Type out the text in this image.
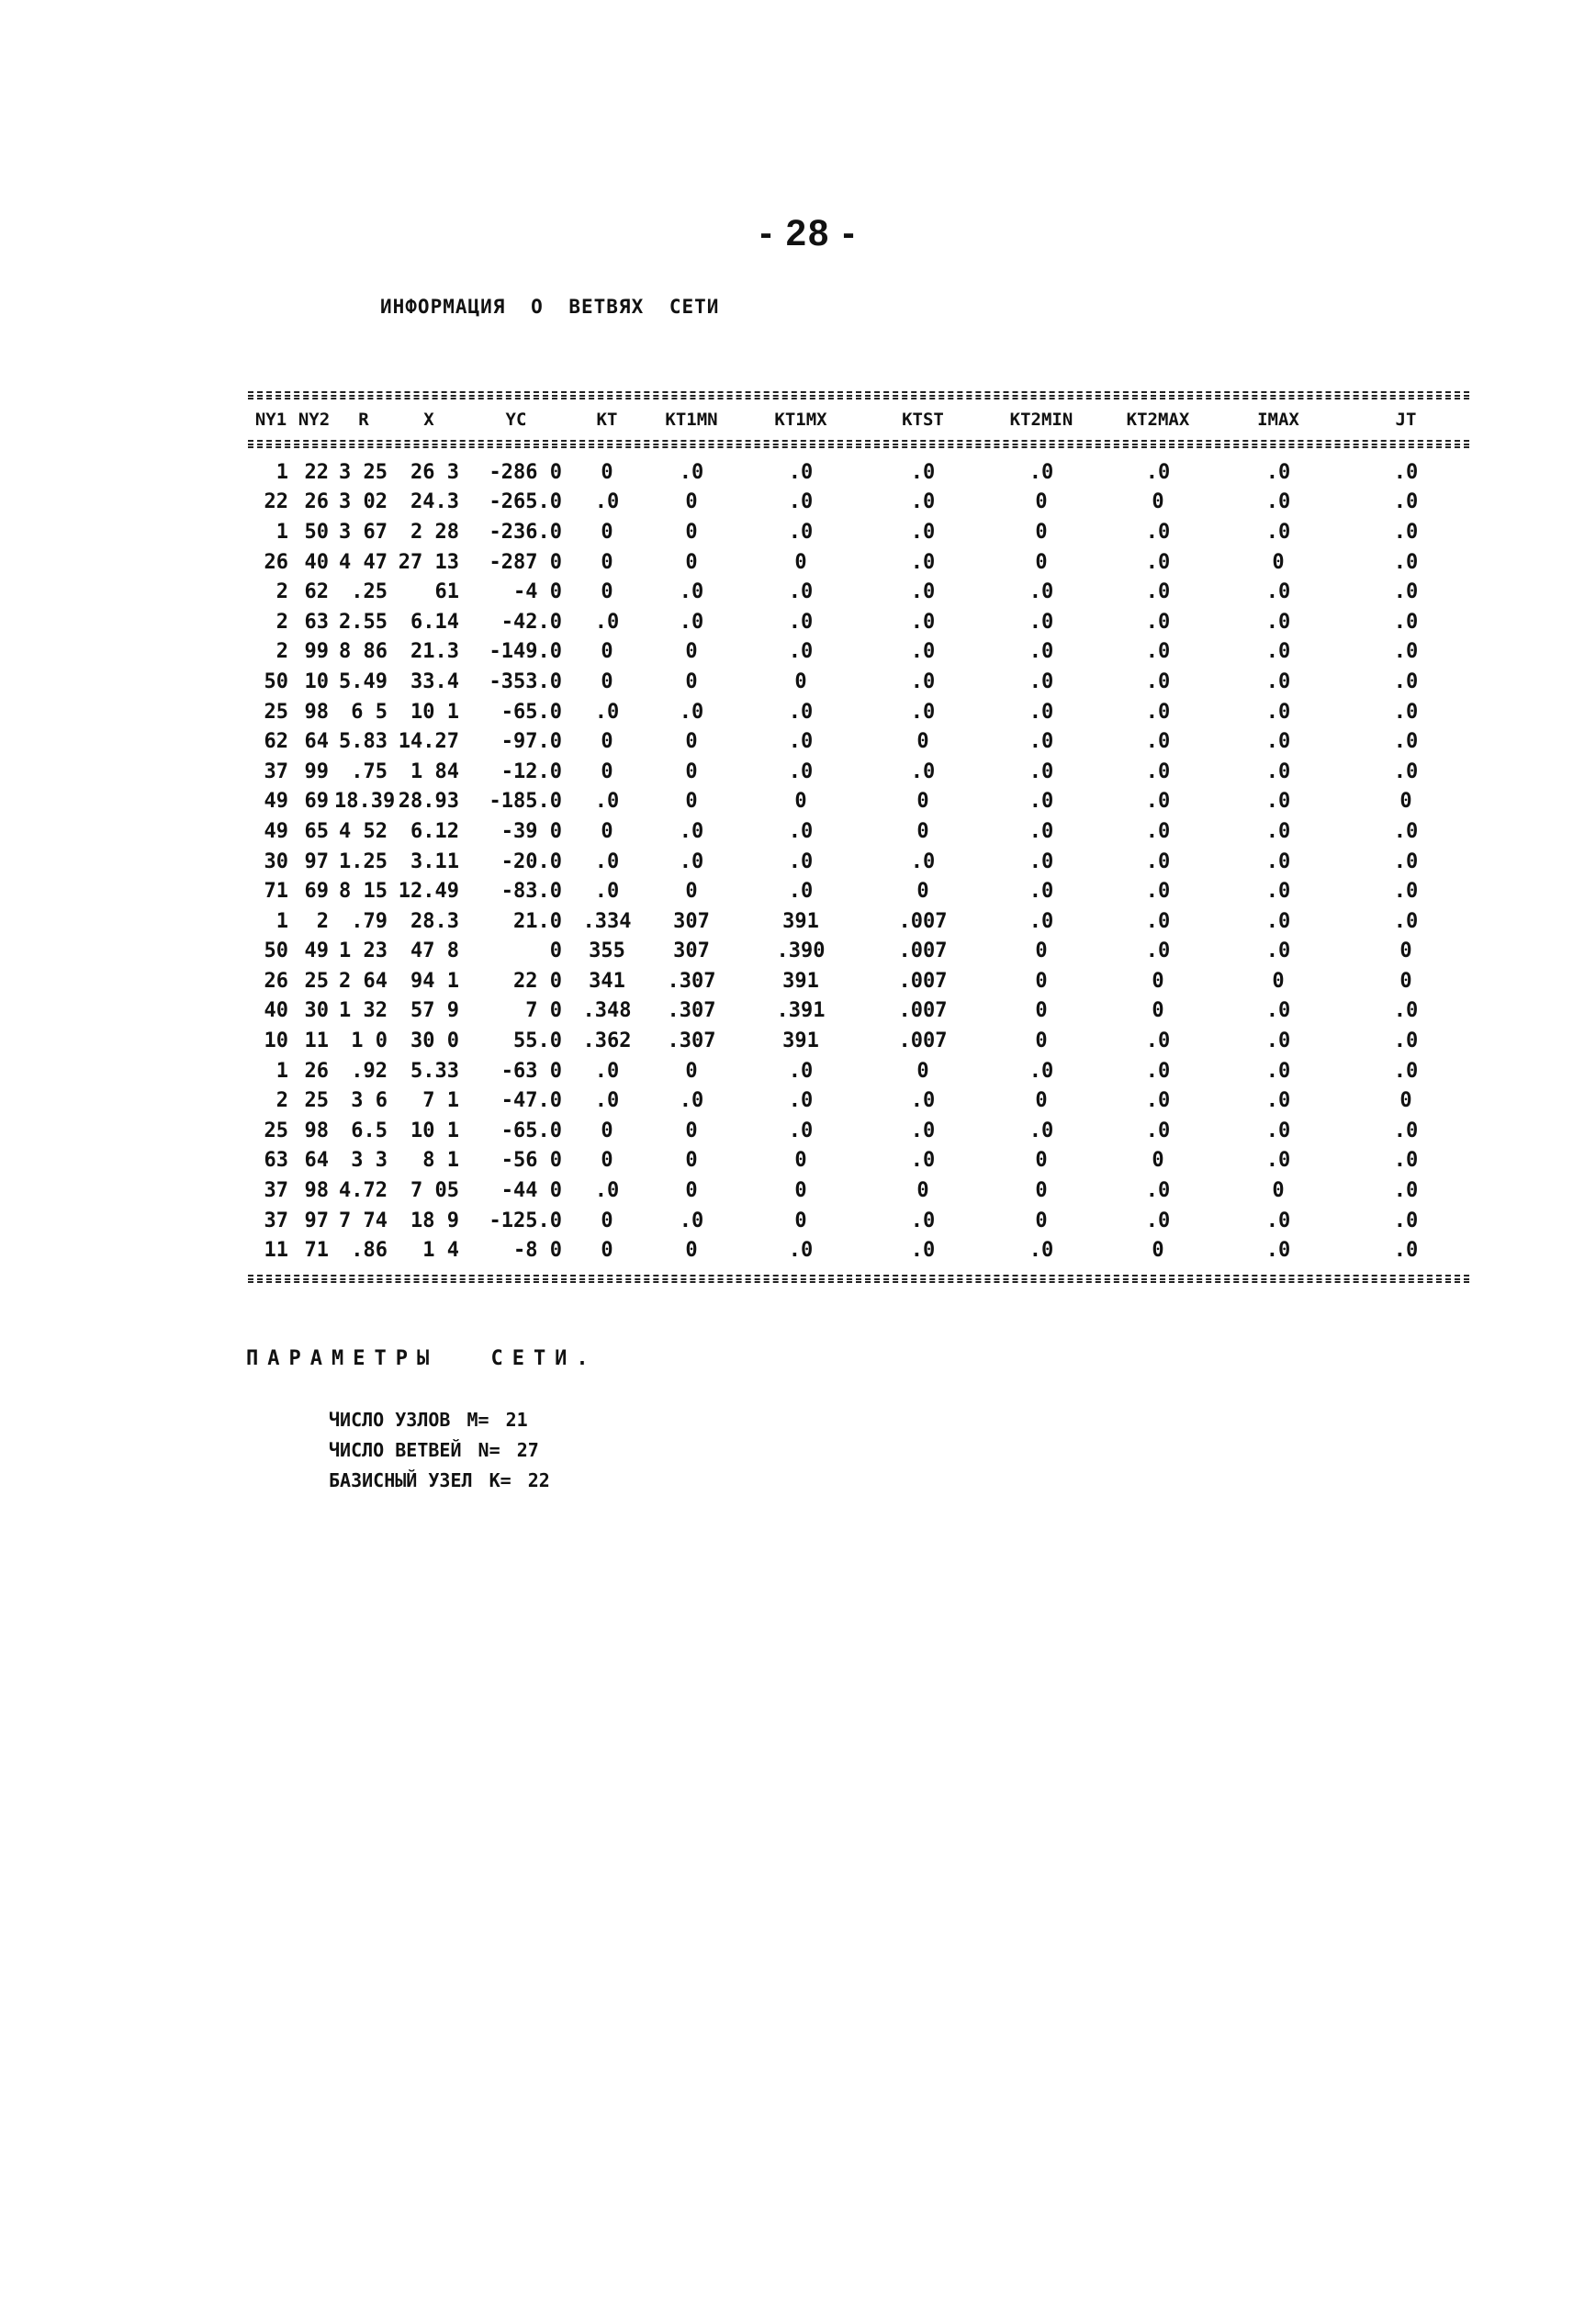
- 28 -
ИНФОРМАЦИЯ О ВЕТВЯХ СЕТИ
NY1	NY2	R	X	YC	KT	KT1MN	KT1MX	KTST	KT2MIN	KT2MAX	IMAX	JT
1	22	3 25	26 3	-286 0	0	.0	.0	.0	.0	.0	.0	.0
22	26	3 02	24.3	-265.0	.0	0	.0	.0	0	0	.0	.0
1	50	3 67	2 28	-236.0	0	0	.0	.0	0	.0	.0	.0
26	40	4 47	27 13	-287 0	0	0	0	.0	0	.0	0	.0
2	62	.25	61	-4 0	0	.0	.0	.0	.0	.0	.0	.0
2	63	2.55	6.14	-42.0	.0	.0	.0	.0	.0	.0	.0	.0
2	99	8 86	21.3	-149.0	0	0	.0	.0	.0	.0	.0	.0
50	10	5.49	33.4	-353.0	0	0	0	.0	.0	.0	.0	.0
25	98	6 5	10 1	-65.0	.0	.0	.0	.0	.0	.0	.0	.0
62	64	5.83	14.27	-97.0	0	0	.0	0	.0	.0	.0	.0
37	99	.75	1 84	-12.0	0	0	.0	.0	.0	.0	.0	.0
49	69	18.39	28.93	-185.0	.0	0	0	0	.0	.0	.0	0
49	65	4 52	6.12	-39 0	0	.0	.0	0	.0	.0	.0	.0
30	97	1.25	3.11	-20.0	.0	.0	.0	.0	.0	.0	.0	.0
71	69	8 15	12.49	-83.0	.0	0	.0	0	.0	.0	.0	.0
1	2	.79	28.3	21.0	.334	307	391	.007	.0	.0	.0	.0
50	49	1 23	47 8	0	355	307	.390	.007	0	.0	.0	0
26	25	2 64	94 1	22 0	341	.307	391	.007	0	0	0	0
40	30	1 32	57 9	7 0	.348	.307	.391	.007	0	0	.0	.0
10	11	1 0	30 0	55.0	.362	.307	391	.007	0	.0	.0	.0
1	26	.92	5.33	-63 0	.0	0	.0	0	.0	.0	.0	.0
2	25	3 6	7 1	-47.0	.0	.0	.0	.0	0	.0	.0	0
25	98	6.5	10 1	-65.0	0	0	.0	.0	.0	.0	.0	.0
63	64	3 3	8 1	-56 0	0	0	0	.0	0	0	.0	.0
37	98	4.72	7 05	-44 0	.0	0	0	0	0	.0	0	.0
37	97	7 74	18 9	-125.0	0	.0	0	.0	0	.0	.0	.0
11	71	.86	1 4	-8 0	0	0	.0	.0	.0	0	.0	.0
ПАРАМЕТРЫ СЕТИ.
ЧИСЛО УЗЛОВ M= 21
ЧИСЛО ВЕТВЕЙ N= 27
БАЗИСНЫЙ УЗЕЛ K= 22
